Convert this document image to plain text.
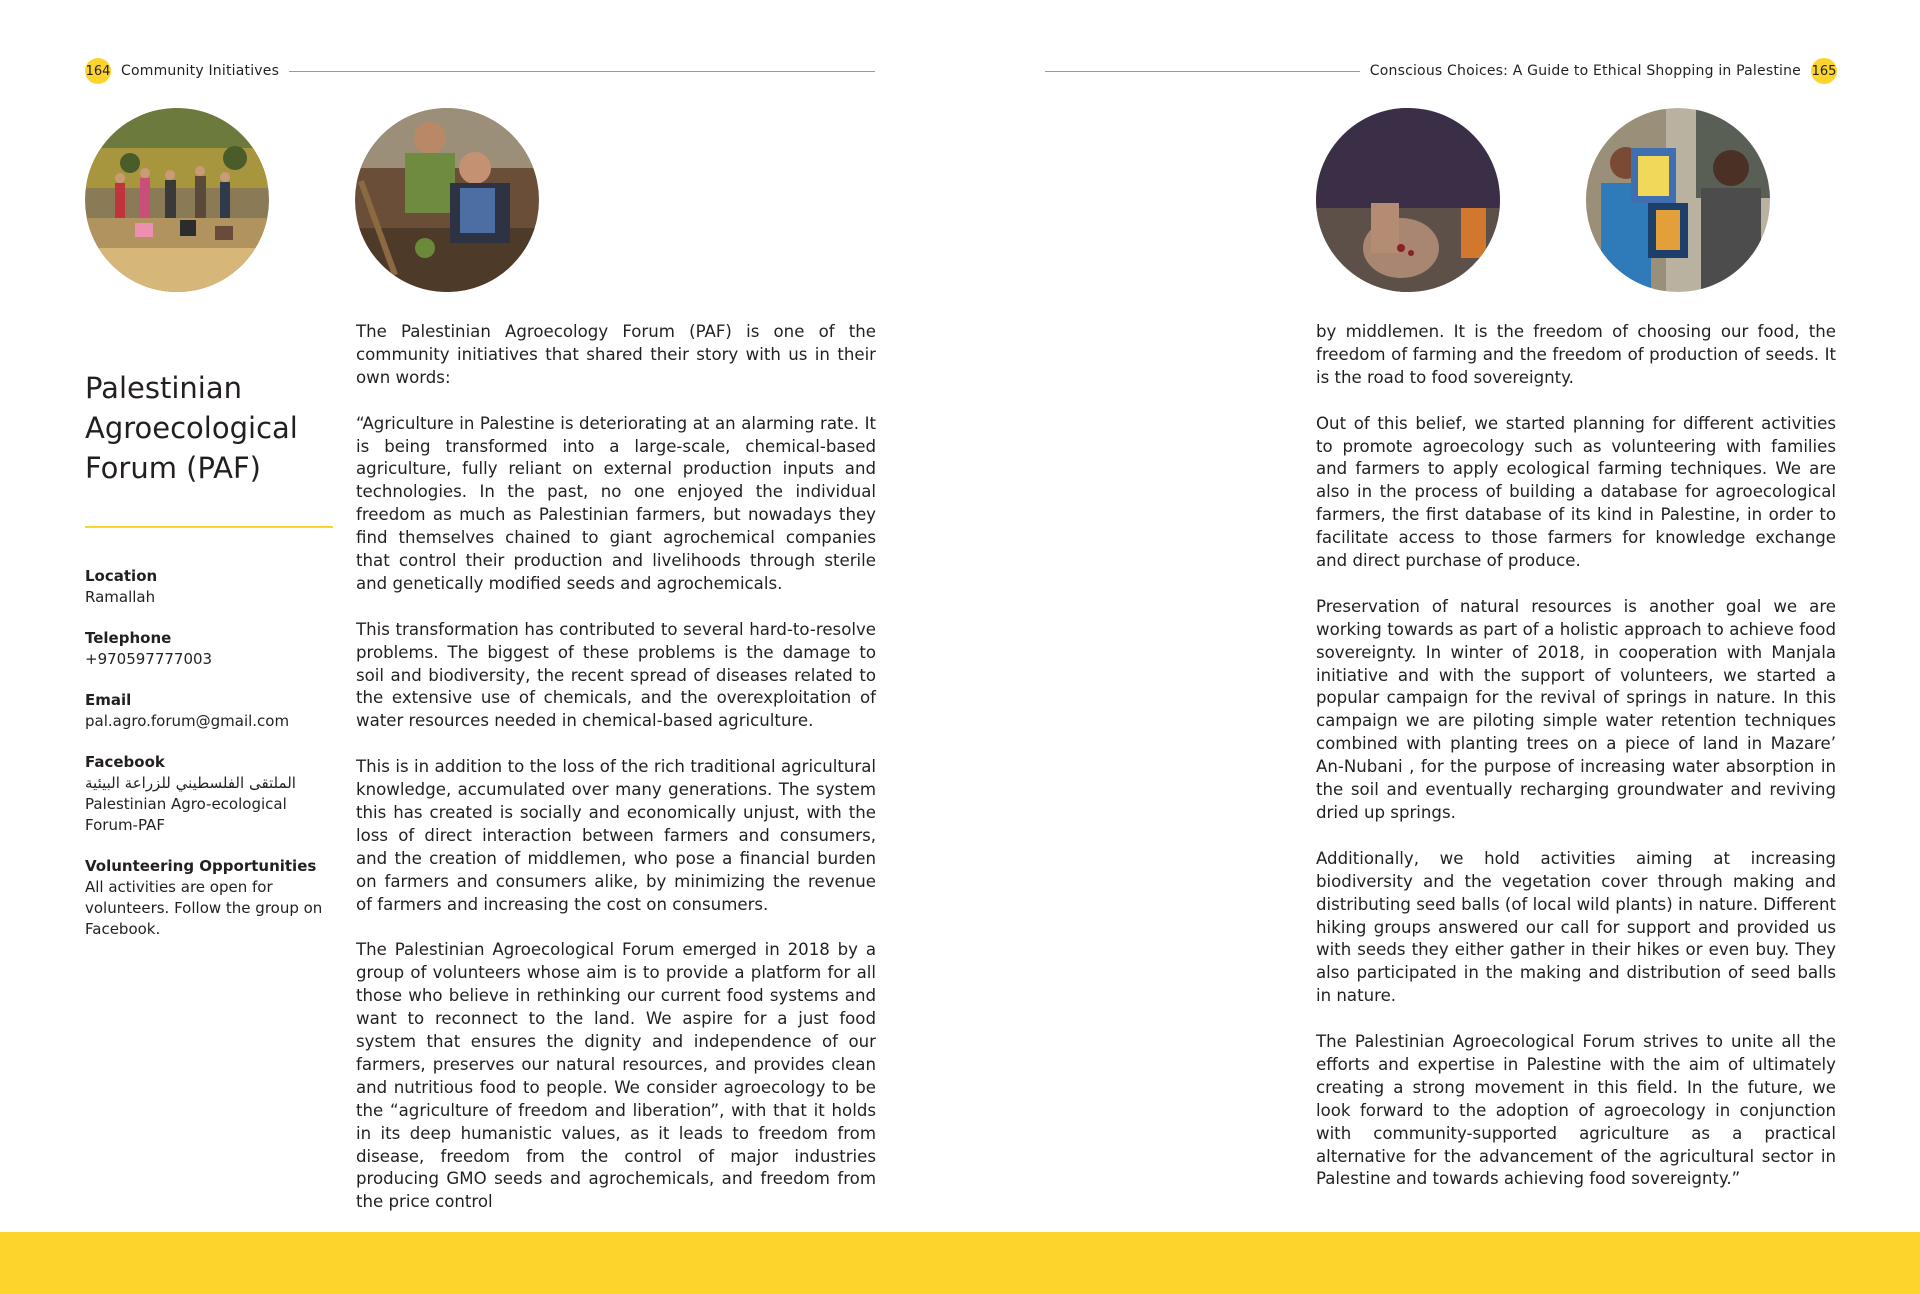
164 Community Initiatives	Conscious Choices: A Guide to Ethical Shopping in Palestine 165
Palestinian Agroecological Forum (PAF)
Location
Ramallah
Telephone
+970597777003
Email
pal.agro.forum@gmail.com
Facebook
الملتقى الفلسطيني للزراعة البيئية
Palestinian Agro-ecological Forum-PAF
Volunteering Opportunities
All activities are open for volunteers. Follow the group on Facebook.

The Palestinian Agroecology Forum (PAF) is one of the community initiatives that shared their story with us in their own words:

“Agriculture in Palestine is deteriorating at an alarming rate. It is being transformed into a large-scale, chemical-based agriculture, fully reliant on external production inputs and technologies. In the past, no one enjoyed the individual freedom as much as Palestinian farmers, but nowadays they find themselves chained to giant agrochemical companies that control their production and livelihoods through sterile and genetically modified seeds and agrochemicals.

This transformation has contributed to several hard-to-resolve problems. The biggest of these problems is the damage to soil and biodiversity, the recent spread of diseases related to the extensive use of chemicals, and the overexploitation of water resources needed in chemical-based agriculture.

This is in addition to the loss of the rich traditional agricultural knowledge, accumulated over many generations. The system this has created is socially and economically unjust, with the loss of direct interaction between farmers and consumers, and the creation of middlemen, who pose a financial burden on farmers and consumers alike, by minimizing the revenue of farmers and increasing the cost on consumers.

The Palestinian Agroecological Forum emerged in 2018 by a group of volunteers whose aim is to provide a platform for all those who believe in rethinking our current food systems and want to reconnect to the land. We aspire for a just food system that ensures the dignity and independence of our farmers, preserves our natural resources, and provides clean and nutritious food to people. We consider agroecology to be the “agriculture of freedom and liberation”, with that it holds in its deep humanistic values, as it leads to freedom from disease, freedom from the control of major industries producing GMO seeds and agrochemicals, and freedom from the price control

by middlemen. It is the freedom of choosing our food, the freedom of farming and the freedom of production of seeds. It is the road to food sovereignty.

Out of this belief, we started planning for different activities to promote agroecology such as volunteering with families and farmers to apply ecological farming techniques. We are also in the process of building a database for agroecological farmers, the first database of its kind in Palestine, in order to facilitate access to those farmers for knowledge exchange and direct purchase of produce.

Preservation of natural resources is another goal we are working towards as part of a holistic approach to achieve food sovereignty. In winter of 2018, in cooperation with Manjala initiative and with the support of volunteers, we started a popular campaign for the revival of springs in nature. In this campaign we are piloting simple water retention techniques combined with planting trees on a piece of land in Mazare’ An-Nubani , for the purpose of increasing water absorption in the soil and eventually recharging groundwater and reviving dried up springs.

Additionally, we hold activities aiming at increasing biodiversity and the vegetation cover through making and distributing seed balls (of local wild plants) in nature. Different hiking groups answered our call for support and provided us with seeds they either gather in their hikes or even buy. They also participated in the making and distribution of seed balls in nature.

The Palestinian Agroecological Forum strives to unite all the efforts and expertise in Palestine with the aim of ultimately creating a strong movement in this field. In the future, we look forward to the adoption of agroecology in conjunction with community-supported agriculture as a practical alternative for the advancement of the agricultural sector in Palestine and towards achieving food sovereignty.”
